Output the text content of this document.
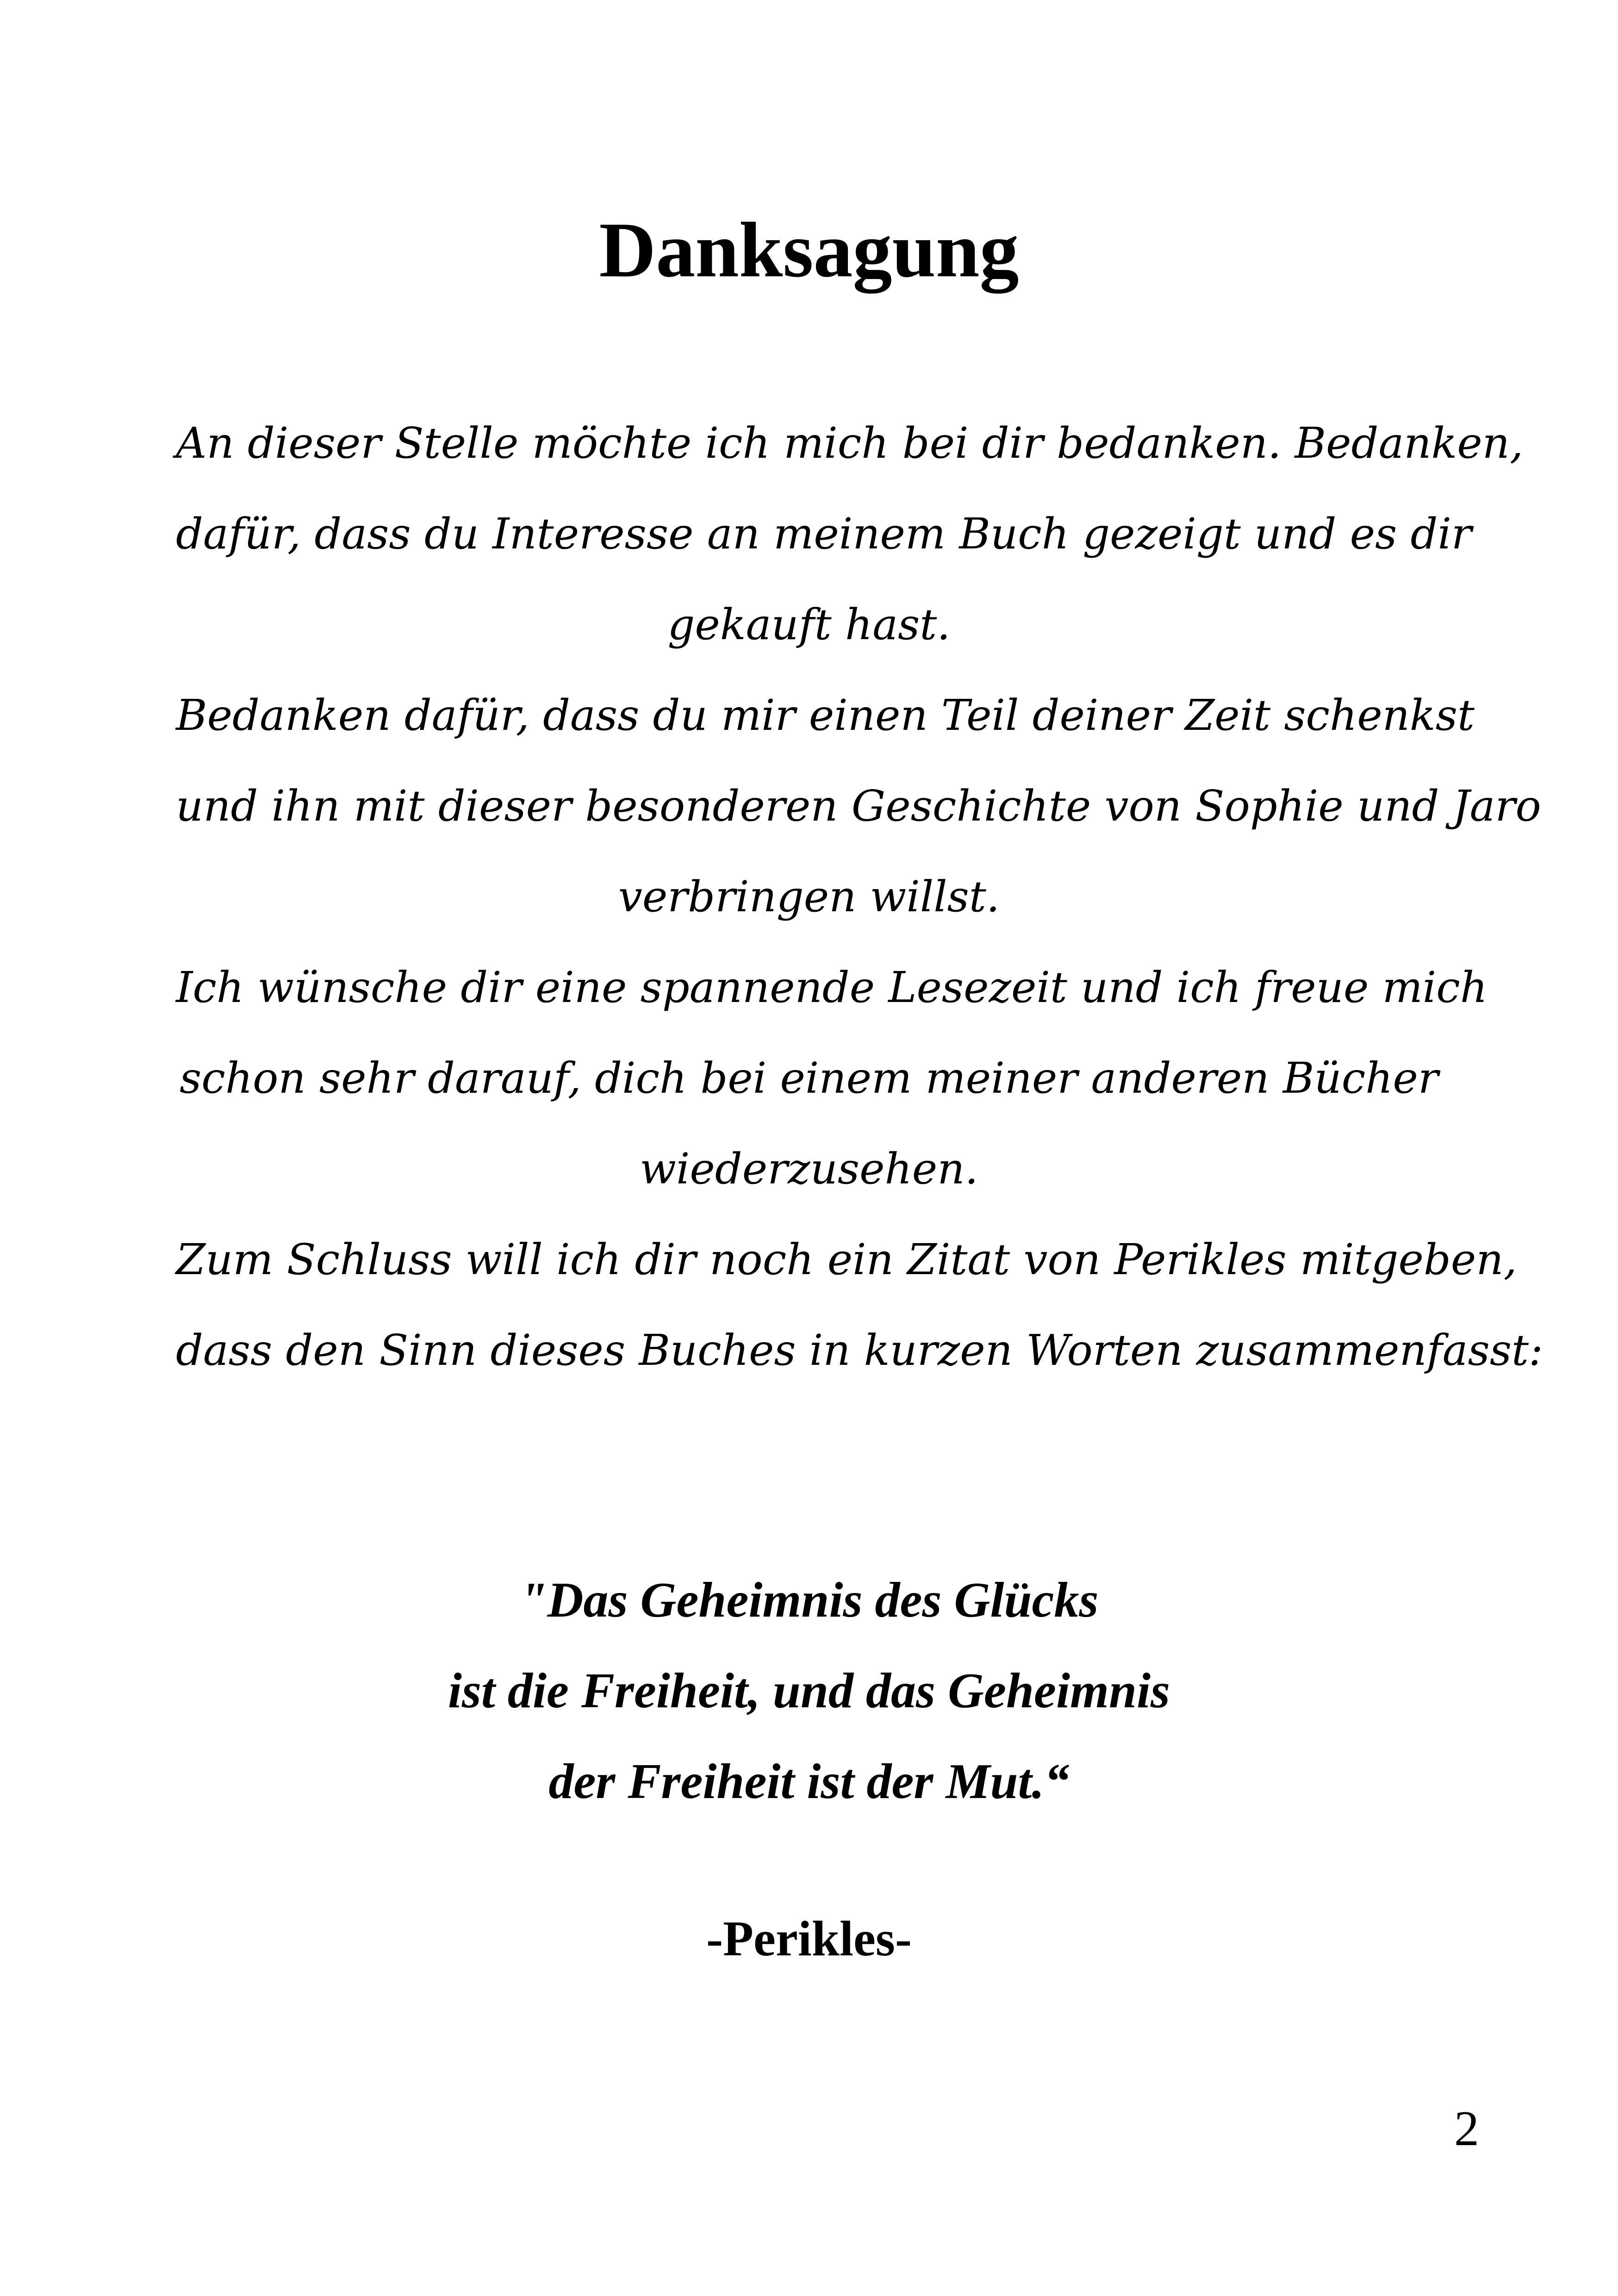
Danksagung

An dieser Stelle möchte ich mich bei dir bedanken. Bedanken,
dafür, dass du Interesse an meinem Buch gezeigt und es dir
gekauft hast.

Bedanken dafür, dass du mir einen Teil deiner Zeit schenkst
und ihn mit dieser besonderen Geschichte von Sophie und Jaro
verbringen willst.

Ich wünsche dir eine spannende Lesezeit und ich freue mich
schon sehr darauf, dich bei einem meiner anderen Bücher
wiederzusehen.

Zum Schluss will ich dir noch ein Zitat von Perikles mitgeben,
dass den Sinn dieses Buches in kurzen Worten zusammenfasst:

"Das Geheimnis des Glücks
ist die Freiheit, und das Geheimnis
der Freiheit ist der Mut.“
-Perikles-
2
